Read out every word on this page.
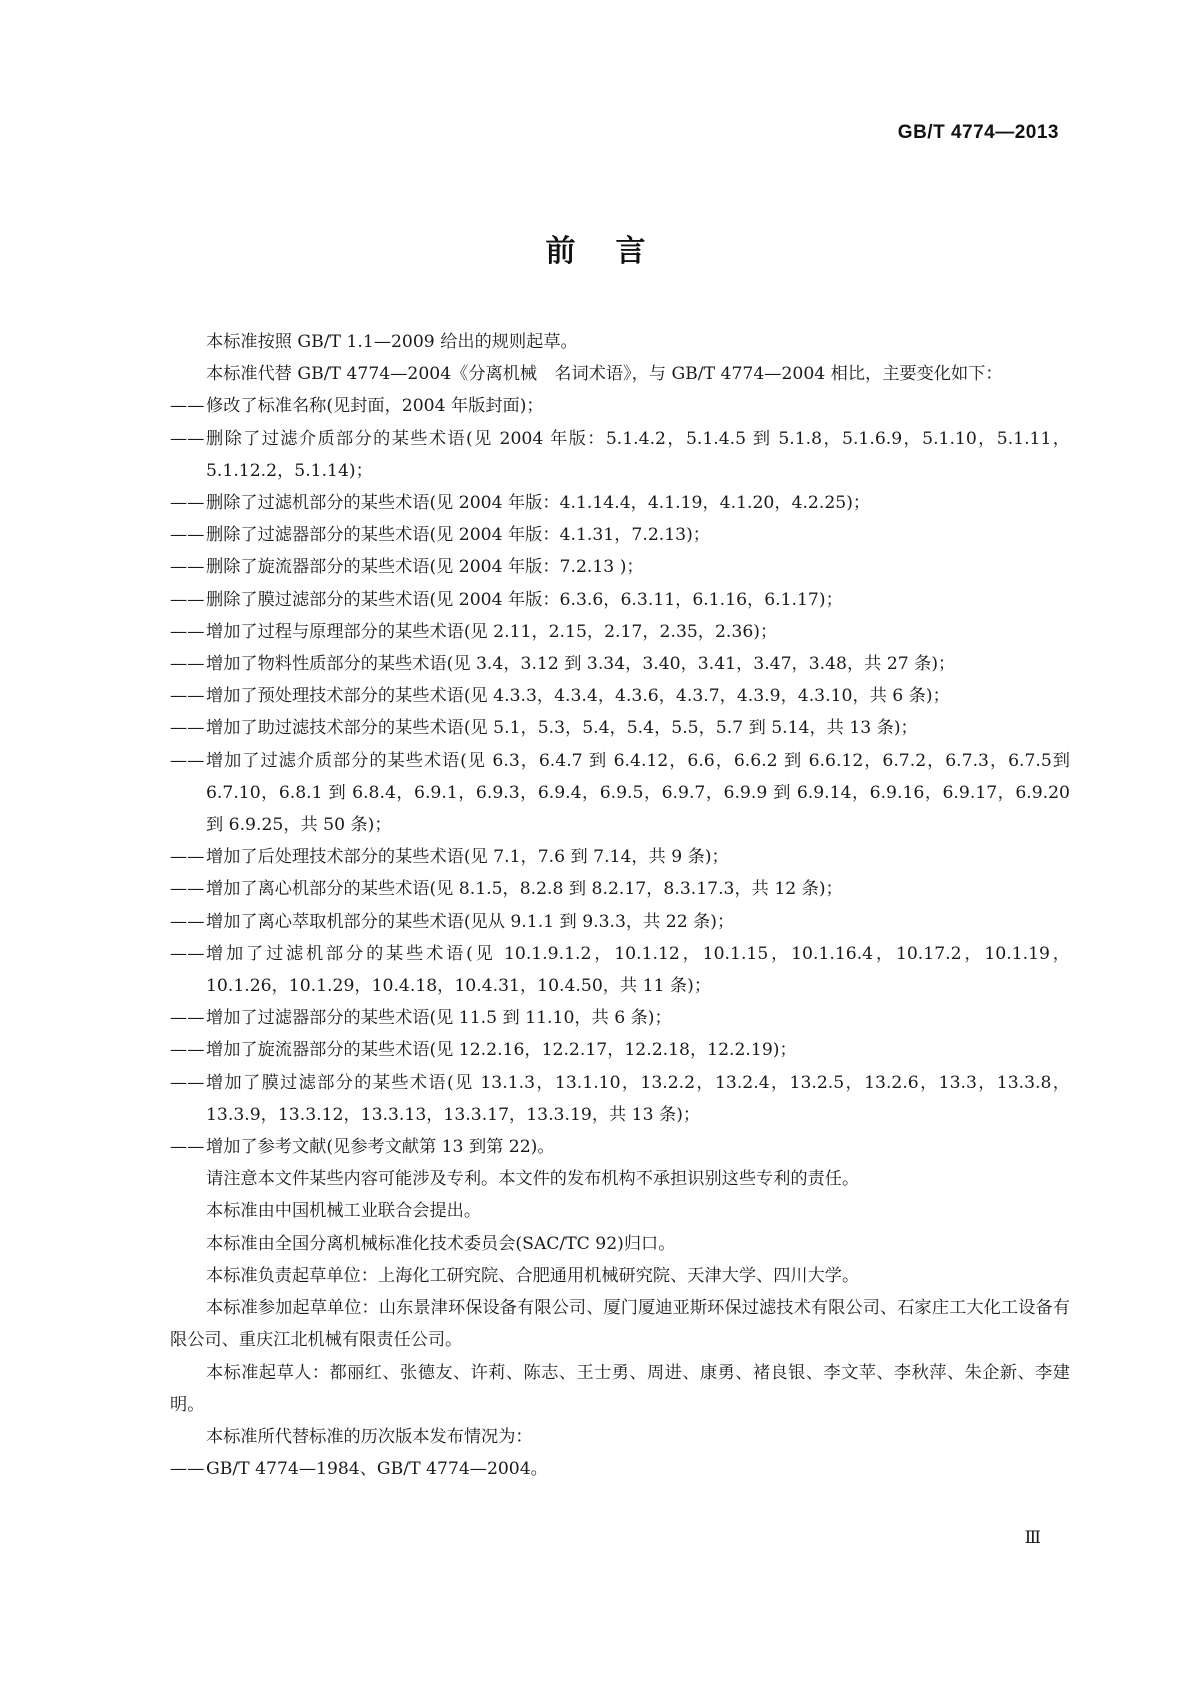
GB/T 4774—2013
前言

本标准按照 GB/T 1.1—2009 给出的规则起草。

本标准代替 GB/T 4774—2004《分离机械　名词术语》，与 GB/T 4774—2004 相比，主要变化如下：

—— 修改了标准名称(见封面，2004 年版封面)；
—— 删除了过滤介质部分的某些术语(见 2004 年版：5.1.4.2，5.1.4.5 到 5.1.8，5.1.6.9，5.1.10，5.1.11，5.1.12.2，5.1.14)；
—— 删除了过滤机部分的某些术语(见 2004 年版：4.1.14.4，4.1.19，4.1.20，4.2.25)；
—— 删除了过滤器部分的某些术语(见 2004 年版：4.1.31，7.2.13)；
—— 删除了旋流器部分的某些术语(见 2004 年版：7.2.13 )；
—— 删除了膜过滤部分的某些术语(见 2004 年版：6.3.6，6.3.11，6.1.16，6.1.17)；
—— 增加了过程与原理部分的某些术语(见 2.11，2.15，2.17，2.35，2.36)；
—— 增加了物料性质部分的某些术语(见 3.4，3.12 到 3.34，3.40，3.41，3.47，3.48，共 27 条)；
—— 增加了预处理技术部分的某些术语(见 4.3.3，4.3.4，4.3.6，4.3.7，4.3.9，4.3.10，共 6 条)；
—— 增加了助过滤技术部分的某些术语(见 5.1，5.3，5.4，5.4，5.5，5.7 到 5.14，共 13 条)；
—— 增加了过滤介质部分的某些术语(见 6.3，6.4.7 到 6.4.12，6.6，6.6.2 到 6.6.12，6.7.2，6.7.3，6.7.5到6.7.10，6.8.1 到 6.8.4，6.9.1，6.9.3，6.9.4，6.9.5，6.9.7，6.9.9 到 6.9.14，6.9.16，6.9.17，6.9.20到 6.9.25，共 50 条)；
—— 增加了后处理技术部分的某些术语(见 7.1，7.6 到 7.14，共 9 条)；
—— 增加了离心机部分的某些术语(见 8.1.5，8.2.8 到 8.2.17，8.3.17.3，共 12 条)；
—— 增加了离心萃取机部分的某些术语(见从 9.1.1 到 9.3.3，共 22 条)；
—— 增加了过滤机部分的某些术语(见 10.1.9.1.2，10.1.12，10.1.15，10.1.16.4，10.17.2，10.1.19，10.1.26，10.1.29，10.4.18，10.4.31，10.4.50，共 11 条)；
—— 增加了过滤器部分的某些术语(见 11.5 到 11.10，共 6 条)；
—— 增加了旋流器部分的某些术语(见 12.2.16，12.2.17，12.2.18，12.2.19)；
—— 增加了膜过滤部分的某些术语(见 13.1.3，13.1.10，13.2.2，13.2.4，13.2.5，13.2.6，13.3，13.3.8，13.3.9，13.3.12，13.3.13，13.3.17，13.3.19，共 13 条)；
—— 增加了参考文献(见参考文献第 13 到第 22)。

请注意本文件某些内容可能涉及专利。本文件的发布机构不承担识别这些专利的责任。

本标准由中国机械工业联合会提出。

本标准由全国分离机械标准化技术委员会(SAC/TC 92)归口。

本标准负责起草单位：上海化工研究院、合肥通用机械研究院、天津大学、四川大学。

本标准参加起草单位：山东景津环保设备有限公司、厦门厦迪亚斯环保过滤技术有限公司、石家庄工大化工设备有限公司、重庆江北机械有限责任公司。

本标准起草人：都丽红、张德友、许莉、陈志、王士勇、周进、康勇、褚良银、李文苹、李秋萍、朱企新、李建明。

本标准所代替标准的历次版本发布情况为：

—— GB/T 4774—1984、GB/T 4774—2004。
Ⅲ
